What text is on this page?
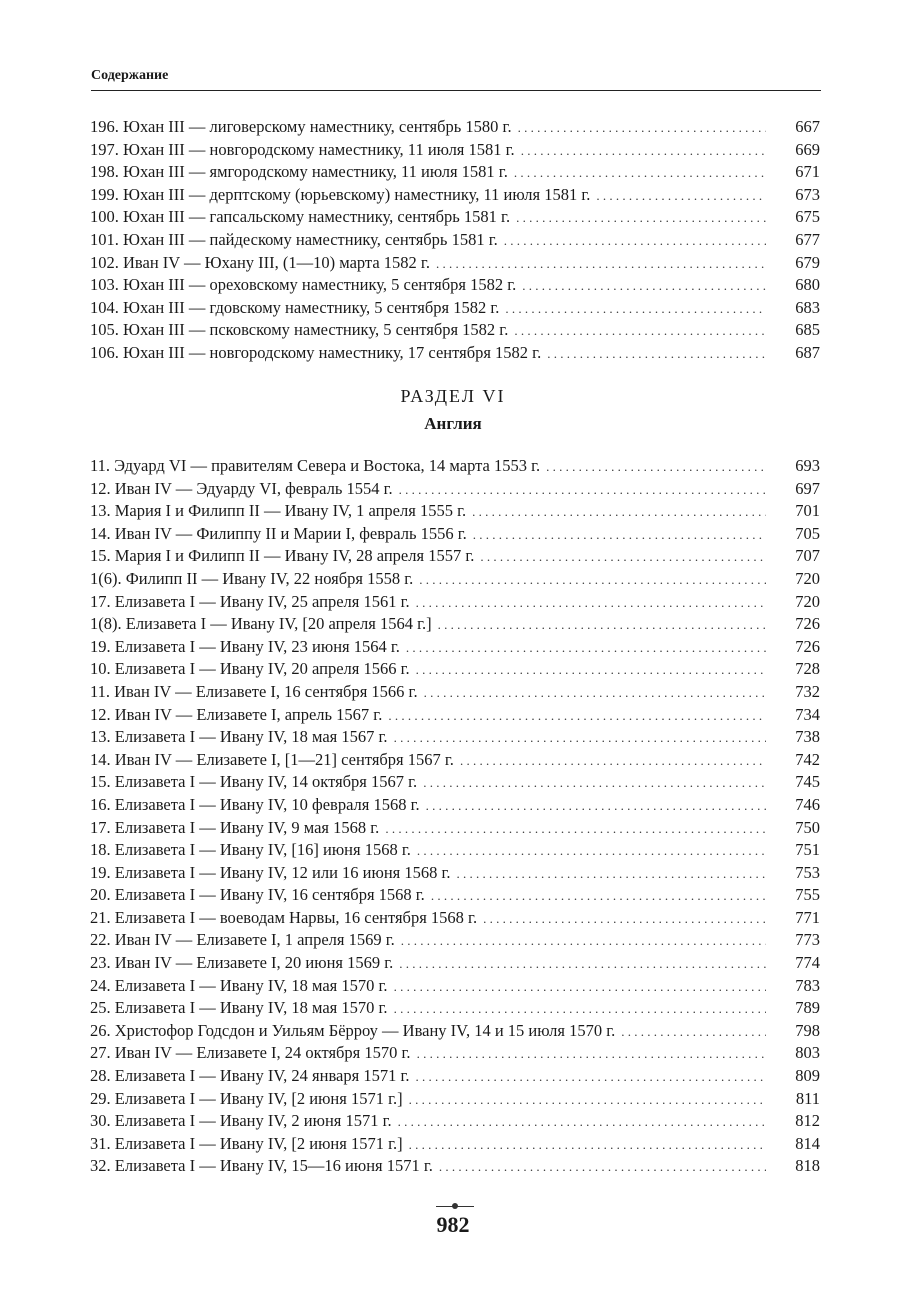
Содержание
196. Юхан III — лиговерскому наместнику, сентябрь 1580 г. . . .	667
197. Юхан III — новгородскому наместнику, 11 июля 1581 г. . . .	669
198. Юхан III — ямгородскому наместнику, 11 июля 1581 г. . . .	671
199. Юхан III — дерптскому (юрьевскому) наместнику, 11 июля 1581 г. . . .	673
100. Юхан III — гапсальскому наместнику, сентябрь 1581 г. . . .	675
101. Юхан III — пайдескому наместнику, сентябрь 1581 г. . . .	677
102. Иван IV — Юхану III, (1—10) марта 1582 г. . . .	679
103. Юхан III — ореховскому наместнику, 5 сентября 1582 г. . . .	680
104. Юхан III — гдовскому наместнику, 5 сентября 1582 г. . . .	683
105. Юхан III — псковскому наместнику, 5 сентября 1582 г. . . .	685
106. Юхан III — новгородскому наместнику, 17 сентября 1582 г. . . .	687
РАЗДЕЛ VI
Англия
11. Эдуард VI — правителям Севера и Востока, 14 марта 1553 г. . . .	693
12. Иван IV — Эдуарду VI, февраль 1554 г. . . .	697
13. Мария I и Филипп II — Ивану IV, 1 апреля 1555 г. . . .	701
14. Иван IV — Филиппу II и Марии I, февраль 1556 г. . . .	705
15. Мария I и Филипп II — Ивану IV, 28 апреля 1557 г. . . .	707
1(6). Филипп II — Ивану IV, 22 ноября 1558 г. . . .	720
17. Елизавета I — Ивану IV, 25 апреля 1561 г. . . .	720
1(8). Елизавета I — Ивану IV, [20 апреля 1564 г.] . . .	726
19. Елизавета I — Ивану IV, 23 июня 1564 г. . . .	726
10. Елизавета I — Ивану IV, 20 апреля 1566 г. . . .	728
11. Иван IV — Елизавете I, 16 сентября 1566 г. . . .	732
12. Иван IV — Елизавете I, апрель 1567 г. . . .	734
13. Елизавета I — Ивану IV, 18 мая 1567 г. . . .	738
14. Иван IV — Елизавете I, [1—21] сентября 1567 г. . . .	742
15. Елизавета I — Ивану IV, 14 октября 1567 г. . . .	745
16. Елизавета I — Ивану IV, 10 февраля 1568 г. . . .	746
17. Елизавета I — Ивану IV, 9 мая 1568 г. . . .	750
18. Елизавета I — Ивану IV, [16] июня 1568 г. . . .	751
19. Елизавета I — Ивану IV, 12 или 16 июня 1568 г. . . .	753
20. Елизавета I — Ивану IV, 16 сентября 1568 г. . . .	755
21. Елизавета I — воеводам Нарвы, 16 сентября 1568 г. . . .	771
22. Иван IV — Елизавете I, 1 апреля 1569 г. . . .	773
23. Иван IV — Елизавете I, 20 июня 1569 г. . . .	774
24. Елизавета I — Ивану IV, 18 мая 1570 г. . . .	783
25. Елизавета I — Ивану IV, 18 мая 1570 г. . . .	789
26. Христофор Годсдон и Уильям Бёрроу — Ивану IV, 14 и 15 июля 1570 г. . . .	798
27. Иван IV — Елизавете I, 24 октября 1570 г. . . .	803
28. Елизавета I — Ивану IV, 24 января 1571 г. . . .	809
29. Елизавета I — Ивану IV, [2 июня 1571 г.] . . .	811
30. Елизавета I — Ивану IV, 2 июня 1571 г. . . .	812
31. Елизавета I — Ивану IV, [2 июня 1571 г.] . . .	814
32. Елизавета I — Ивану IV, 15—16 июня 1571 г. . . .	818
982
